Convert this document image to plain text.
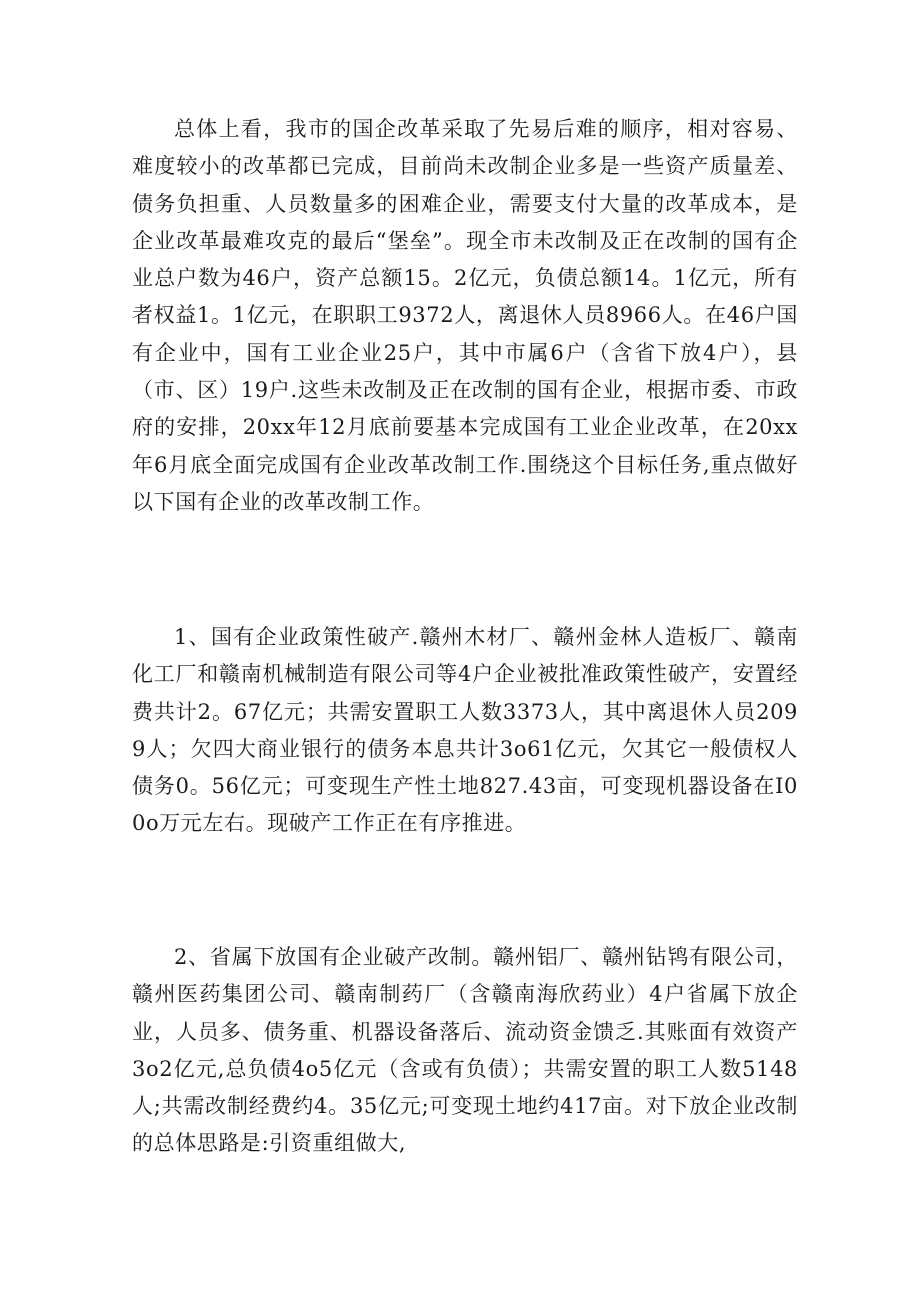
总体上看，我市的国企改革采取了先易后难的顺序，相对容易、难度较小的改革都已完成，目前尚未改制企业多是一些资产质量差、债务负担重、人员数量多的困难企业，需要支付大量的改革成本，是企业改革最难攻克的最后“堡垒”。现全市未改制及正在改制的国有企业总户数为46户，资产总额15。2亿元，负债总额14。1亿元，所有者权益1。1亿元，在职职工9372人，离退休人员8966人。在46户国有企业中，国有工业企业25户，其中市属6户（含省下放4户），县（市、区）19户.这些未改制及正在改制的国有企业，根据市委、市政府的安排，20xx年12月底前要基本完成国有工业企业改革，在20xx年6月底全面完成国有企业改革改制工作.围绕这个目标任务,重点做好以下国有企业的改革改制工作。

1、国有企业政策性破产.赣州木材厂、赣州金林人造板厂、赣南化工厂和赣南机械制造有限公司等4户企业被批准政策性破产，安置经费共计2。67亿元；共需安置职工人数3373人，其中离退休人员2099人；欠四大商业银行的债务本息共计3o61亿元，欠其它一般债权人债务0。56亿元；可变现生产性土地827.43亩，可变现机器设备在I00o万元左右。现破产工作正在有序推进。

2、省属下放国有企业破产改制。赣州铝厂、赣州钻鸨有限公司，赣州医药集团公司、赣南制药厂（含赣南海欣药业）4户省属下放企业，人员多、债务重、机器设备落后、流动资金馈乏.其账面有效资产3o2亿元,总负债4o5亿元（含或有负债）；共需安置的职工人数5148人;共需改制经费约4。35亿元;可变现土地约417亩。对下放企业改制的总体思路是:引资重组做大,
